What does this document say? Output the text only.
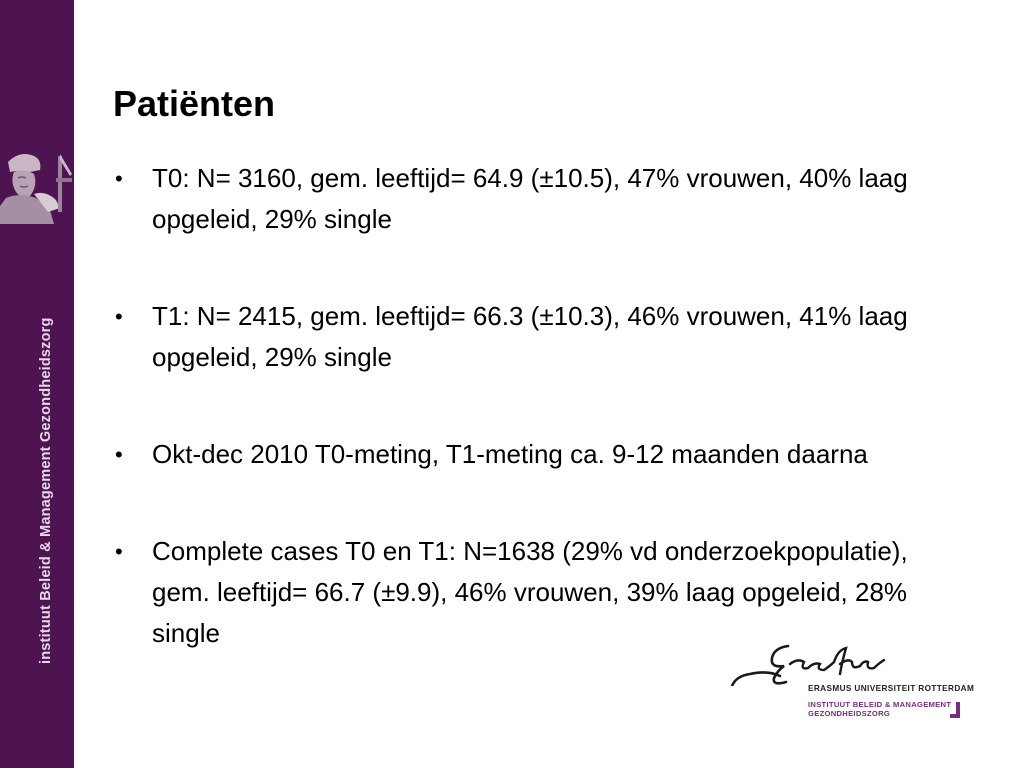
instituut Beleid & Management Gezondheidszorg
Patiënten
• T0: N= 3160, gem. leeftijd= 64.9 (±10.5), 47% vrouwen, 40% laag opgeleid, 29% single
• T1: N= 2415, gem. leeftijd= 66.3 (±10.3), 46% vrouwen, 41% laag opgeleid, 29% single
• Okt-dec 2010 T0-meting, T1-meting ca. 9-12 maanden daarna
• Complete cases T0 en T1: N=1638 (29% vd onderzoekpopulatie), gem. leeftijd= 66.7 (±9.9), 46% vrouwen, 39% laag opgeleid, 28% single
ERASMUS UNIVERSITEIT ROTTERDAM
INSTITUUT BELEID & MANAGEMENT
GEZONDHEIDSZORG
